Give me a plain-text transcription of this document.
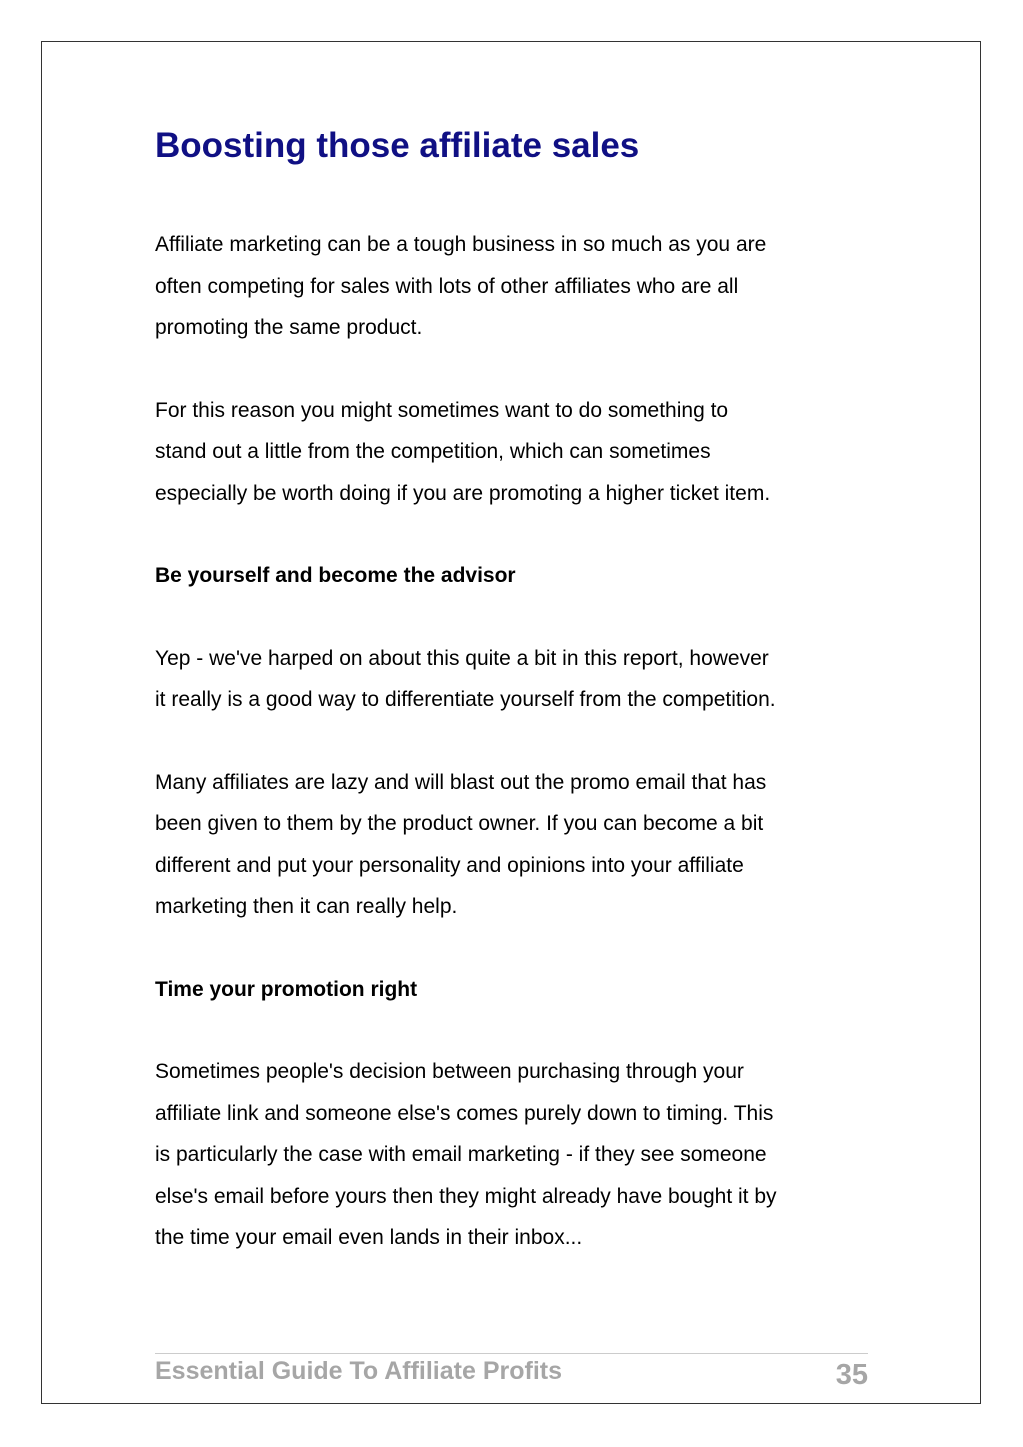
Boosting those affiliate sales

Affiliate marketing can be a tough business in so much as you are
often competing for sales with lots of other affiliates who are all
promoting the same product.

For this reason you might sometimes want to do something to
stand out a little from the competition, which can sometimes
especially be worth doing if you are promoting a higher ticket item.

Be yourself and become the advisor

Yep - we've harped on about this quite a bit in this report, however
it really is a good way to differentiate yourself from the competition.

Many affiliates are lazy and will blast out the promo email that has
been given to them by the product owner. If you can become a bit
different and put your personality and opinions into your affiliate
marketing then it can really help.

Time your promotion right

Sometimes people's decision between purchasing through your
affiliate link and someone else's comes purely down to timing. This
is particularly the case with email marketing - if they see someone
else's email before yours then they might already have bought it by
the time your email even lands in their inbox...

Essential Guide To Affiliate Profits	35
